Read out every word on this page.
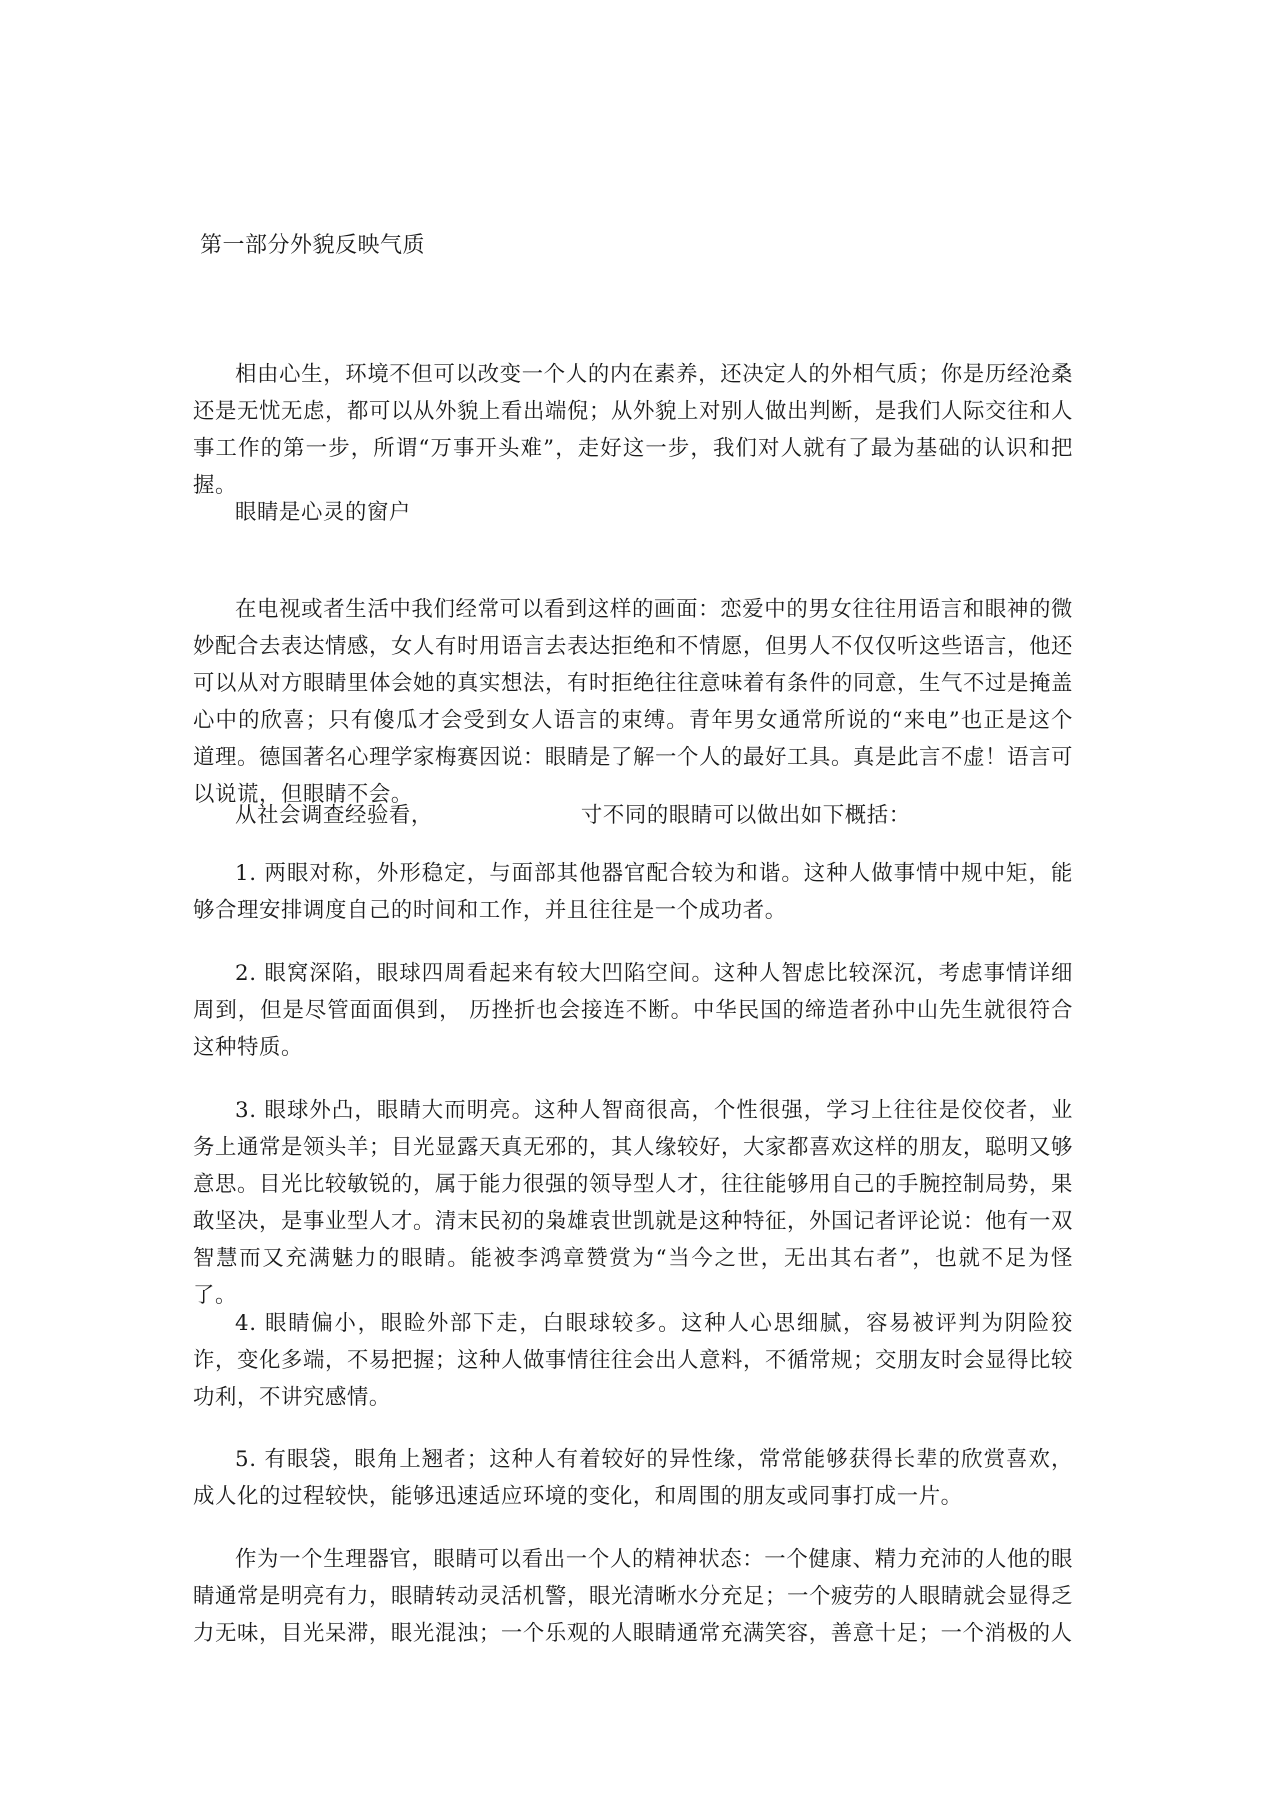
第一部分外貌反映气质

相由心生，环境不但可以改变一个人的内在素养，还决定人的外相气质；你是历经沧桑还是无忧无虑，都可以从外貌上看出端倪；从外貌上对别人做出判断，是我们人际交往和人事工作的第一步，所谓“万事开头难”，走好这一步，我们对人就有了最为基础的认识和把握。

眼睛是心灵的窗户

在电视或者生活中我们经常可以看到这样的画面：恋爱中的男女往往用语言和眼神的微妙配合去表达情感，女人有时用语言去表达拒绝和不情愿，但男人不仅仅听这些语言，他还可以从对方眼睛里体会她的真实想法，有时拒绝往往意味着有条件的同意，生气不过是掩盖心中的欣喜；只有傻瓜才会受到女人语言的束缚。青年男女通常所说的“来电”也正是这个道理。德国著名心理学家梅赛因说：眼睛是了解一个人的最好工具。真是此言不虚！语言可以说谎，但眼睛不会。

从社会调查经验看，                    寸不同的眼睛可以做出如下概括：

1. 两眼对称，外形稳定，与面部其他器官配合较为和谐。这种人做事情中规中矩，能够合理安排调度自己的时间和工作，并且往往是一个成功者。

2. 眼窝深陷，眼球四周看起来有较大凹陷空间。这种人智虑比较深沉，考虑事情详细周到，但是尽管面面俱到， 历挫折也会接连不断。中华民国的缔造者孙中山先生就很符合这种特质。

3. 眼球外凸，眼睛大而明亮。这种人智商很高，个性很强，学习上往往是佼佼者，业务上通常是领头羊；目光显露天真无邪的，其人缘较好，大家都喜欢这样的朋友，聪明又够意思。目光比较敏锐的，属于能力很强的领导型人才，往往能够用自己的手腕控制局势，果敢坚决，是事业型人才。清末民初的枭雄袁世凯就是这种特征，外国记者评论说：他有一双智慧而又充满魅力的眼睛。能被李鸿章赞赏为“当今之世，无出其右者”，也就不足为怪了。

4. 眼睛偏小，眼睑外部下走，白眼球较多。这种人心思细腻，容易被评判为阴险狡诈，变化多端，不易把握；这种人做事情往往会出人意料，不循常规；交朋友时会显得比较功利，不讲究感情。

5. 有眼袋，眼角上翘者；这种人有着较好的异性缘，常常能够获得长辈的欣赏喜欢，成人化的过程较快，能够迅速适应环境的变化，和周围的朋友或同事打成一片。

作为一个生理器官，眼睛可以看出一个人的精神状态：一个健康、精力充沛的人他的眼睛通常是明亮有力，眼睛转动灵活机警，眼光清晰水分充足；一个疲劳的人眼睛就会显得乏力无味，目光呆滞，眼光混浊；一个乐观的人眼睛通常充满笑容，善意十足；一个消极的人
